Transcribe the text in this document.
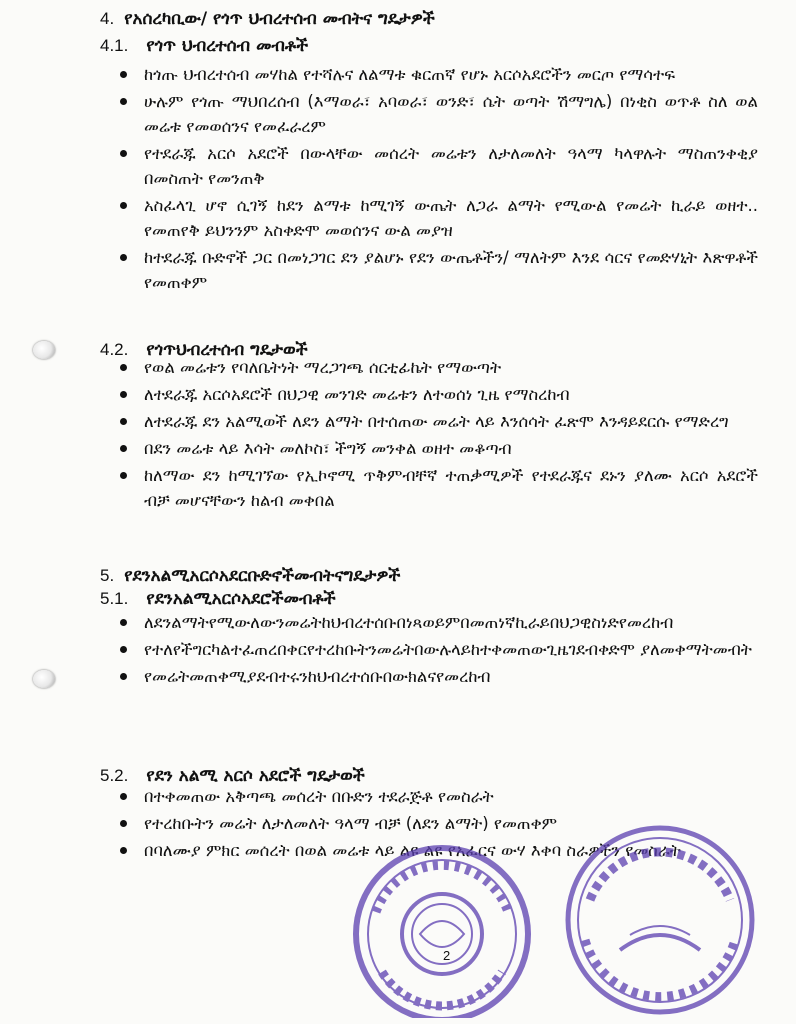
4. የአሰረካቢው/ የጎጥ ህብረተሰብ መብትና ግዴታዎች
4.1. የጎጥ ህብረተሰብ መብቶች
ከጎጡ ህብረተሰብ መሃከል የተሻሉና ለልማቱ ቁርጠኛ የሆኑ አርሶአደሮችን መርጦ የማሳተፍ
ሁሉም የጎጡ ማህበረሰብ (እማወራ፣ አባወራ፣ ወንድ፣ ሴት ወጣት ሽማግሌ) በነቂስ ወጥቶ ስለ ወል መሬቱ የመወሰንና የመፈራረም
የተደራጁ አርሶ አደሮች በውላቸው መሰረት መሬቱን ለታለመለት ዓላማ ካላዋሉት ማስጠንቀቂያ በመስጠት የመንጠቅ
አስፈላጊ ሆኖ ሲገኝ ከደን ልማቱ ከሚገኝ ውጤት ለጋራ ልማት የሚውል የመሬት ኪራይ ወዘተ.. የመጠየቅ ይህንንም አስቀድሞ መወሰንና ውል መያዝ
ከተደራጁ ቡድኖች ጋር በመነጋገር ደን ያልሆኑ የደን ውጤቶችን/ ማለትም እንደ ሳርና የመድሃኒት እጽዋቶች የመጠቀም
4.2. የጎጥህብረተሰብ ግዴታወች
የወል መሬቱን የባለቤትነት ማረጋገጫ ሰርቲፊኬት የማውጣት
ለተደራጁ አርሶአደሮች በህጋዊ መንገድ መሬቱን ለተወሰነ ጊዜ የማስረከብ
ለተደራጁ ደን አልሚወች ለደን ልማት በተሰጠው መሬት ላይ እንሰሳት ፈጽሞ እንዳይደርሱ የማድረግ
በደን መሬቱ ላይ እሳት መለኮስ፣ ችግኝ መንቀል ወዘተ መቆጣብ
ከለማው ደን ከሚገኘው የኢኮኖሚ ጥቅምብቸኛ ተጠቃሚዎች የተደራጁና ደኑን ያለሙ አርሶ አደሮች ብቻ መሆናቸውን ከልብ መቀበል
5. የደንአልሚአርሶአደርቡድኖችመብትናግዴታዎች
5.1. የደንአልሚአርሶአደሮችመብቶች
ለደንልማትየሚውለውንመሬትከህብረተሰቡበነጻወይምበመጠነኛኪራይበህጋዊስነድየመረከብ
የተለየችግርካልተፈጠረበቀርየተረከቡትንመሬትበውሉላይከተቀመጠውጊዜገደብቀድሞ ያለመቀማትመብት
የመሬትመጠቀሚያደብተሩንከህብረተሰቡበውክልናየመረከብ
5.2. የደን አልሚ አርሶ አደሮች ግዴታወች
በተቀመጠው አቅጣጫ መሰረት በቡድን ተደራጅቶ የመስራት
የተረከቡትን መሬት ለታለመለት ዓላማ ብቻ (ለደን ልማት) የመጠቀም
በባለሙያ ምክር መሰረት በወል መሬቱ ላይ ልዩ ልዩ የአፈርና ውሃ እቀባ ስራዎችን የመስራት
2
